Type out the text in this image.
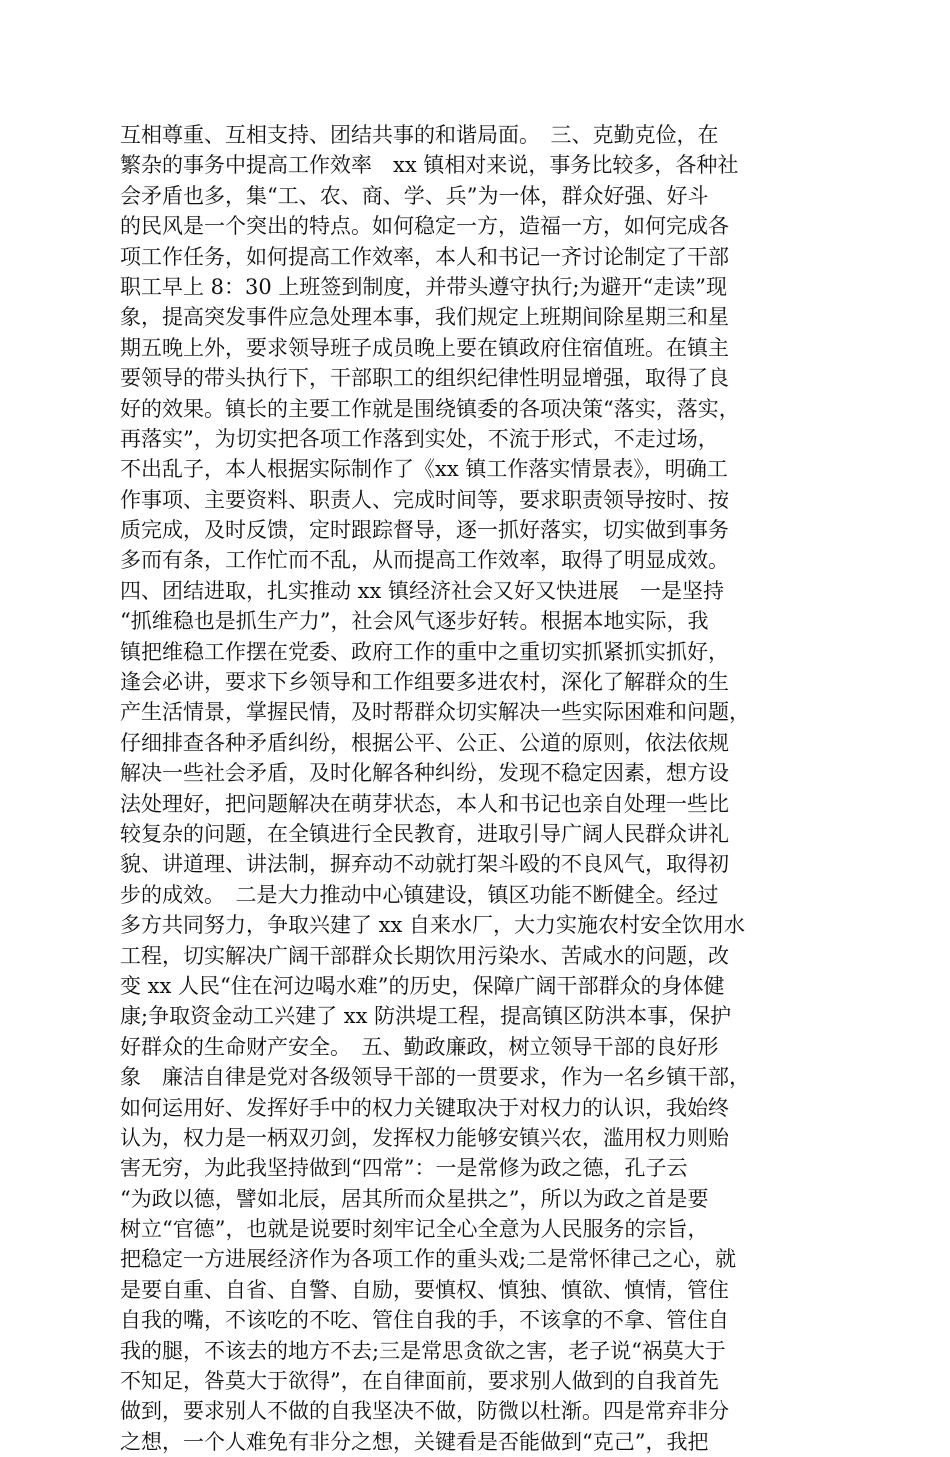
互相尊重、互相支持、团结共事的和谐局面。　三、克勤克俭，在
繁杂的事务中提高工作效率　xx 镇相对来说，事务比较多，各种社
会矛盾也多，集“工、农、商、学、兵”为一体，群众好强、好斗
的民风是一个突出的特点。如何稳定一方，造福一方，如何完成各
项工作任务，如何提高工作效率，本人和书记一齐讨论制定了干部
职工早上 8：30 上班签到制度，并带头遵守执行;为避开“走读”现
象，提高突发事件应急处理本事，我们规定上班期间除星期三和星
期五晚上外，要求领导班子成员晚上要在镇政府住宿值班。在镇主
要领导的带头执行下，干部职工的组织纪律性明显增强，取得了良
好的效果。镇长的主要工作就是围绕镇委的各项决策“落实，落实，
再落实”，为切实把各项工作落到实处，不流于形式，不走过场，
不出乱子，本人根据实际制作了《xx 镇工作落实情景表》，明确工
作事项、主要资料、职责人、完成时间等，要求职责领导按时、按
质完成，及时反馈，定时跟踪督导，逐一抓好落实，切实做到事务
多而有条，工作忙而不乱，从而提高工作效率，取得了明显成效。
四、团结进取，扎实推动 xx 镇经济社会又好又快进展　一是坚持
“抓维稳也是抓生产力”，社会风气逐步好转。根据本地实际，我
镇把维稳工作摆在党委、政府工作的重中之重切实抓紧抓实抓好，
逢会必讲，要求下乡领导和工作组要多进农村，深化了解群众的生
产生活情景，掌握民情，及时帮群众切实解决一些实际困难和问题，
仔细排查各种矛盾纠纷，根据公平、公正、公道的原则，依法依规
解决一些社会矛盾，及时化解各种纠纷，发现不稳定因素，想方设
法处理好，把问题解决在萌芽状态，本人和书记也亲自处理一些比
较复杂的问题，在全镇进行全民教育，进取引导广阔人民群众讲礼
貌、讲道理、讲法制，摒弃动不动就打架斗殴的不良风气，取得初
步的成效。　二是大力推动中心镇建设，镇区功能不断健全。经过
多方共同努力，争取兴建了 xx 自来水厂，大力实施农村安全饮用水
工程，切实解决广阔干部群众长期饮用污染水、苦咸水的问题，改
变 xx 人民“住在河边喝水难”的历史，保障广阔干部群众的身体健
康;争取资金动工兴建了 xx 防洪堤工程，提高镇区防洪本事，保护
好群众的生命财产安全。　五、勤政廉政，树立领导干部的良好形
象　廉洁自律是党对各级领导干部的一贯要求，作为一名乡镇干部，
如何运用好、发挥好手中的权力关键取决于对权力的认识，我始终
认为，权力是一柄双刃剑，发挥权力能够安镇兴农，滥用权力则贻
害无穷，为此我坚持做到“四常”：一是常修为政之德，孔子云
“为政以德，譬如北辰，居其所而众星拱之”，所以为政之首是要
树立“官德”，也就是说要时刻牢记全心全意为人民服务的宗旨，
把稳定一方进展经济作为各项工作的重头戏;二是常怀律己之心，就
是要自重、自省、自警、自励，要慎权、慎独、慎欲、慎情，管住
自我的嘴，不该吃的不吃、管住自我的手，不该拿的不拿、管住自
我的腿，不该去的地方不去;三是常思贪欲之害，老子说“祸莫大于
不知足，咎莫大于欲得”，在自律面前，要求别人做到的自我首先
做到，要求别人不做的自我坚决不做，防微以杜渐。四是常弃非分
之想，一个人难免有非分之想，关键看是否能做到“克己”，我把
